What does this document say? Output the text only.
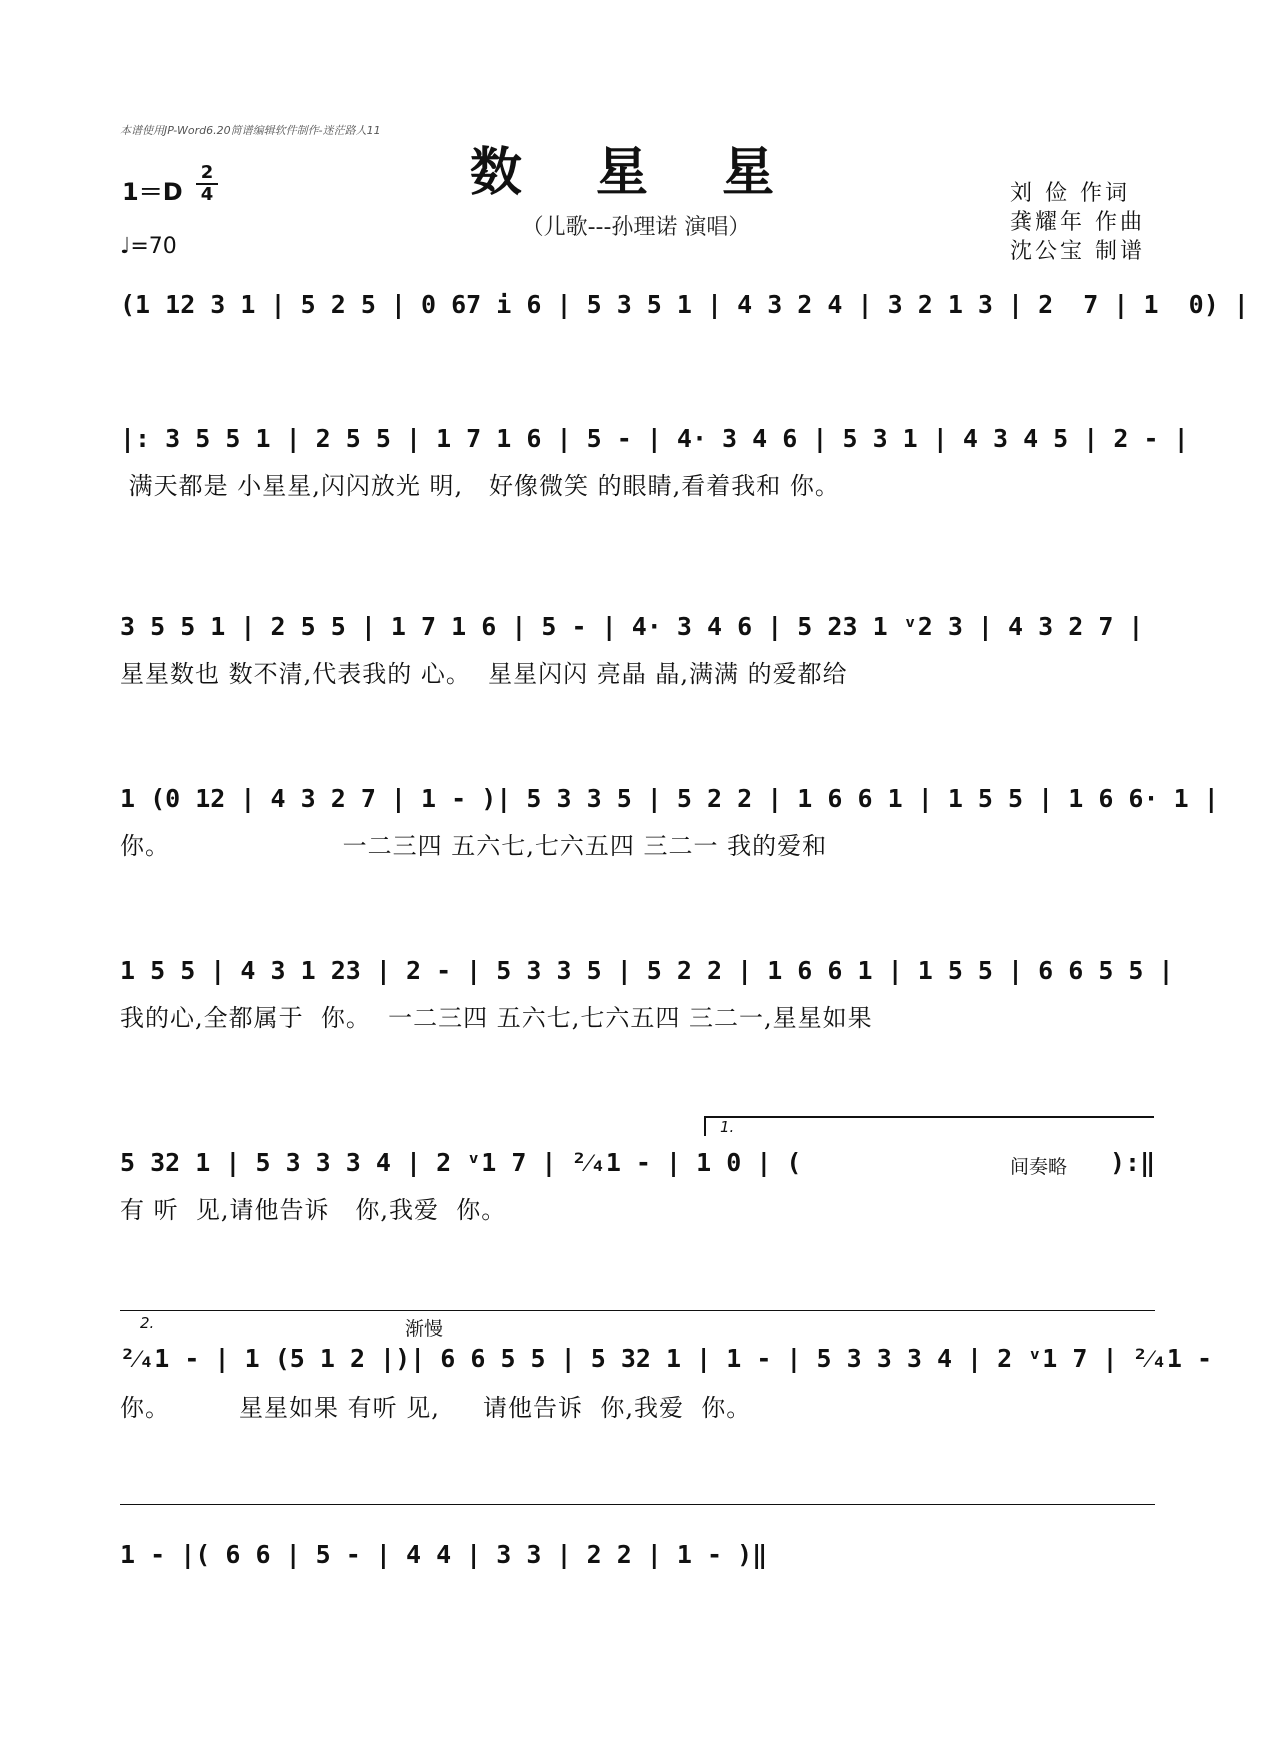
本谱使用JP-Word6.20简谱编辑软件制作-迷茫路人11
数 星 星
（儿歌---孙理诺 演唱）
1＝D
2
4
♩=70
刘 俭 作词
龚耀年 作曲
沈公宝 制谱
(1 12 3 1 | 5 2 5 | 0 67 i 6 | 5 3 5 1 | 4 3 2 4 | 3 2 1 3 | 2  7 | 1  0) |
|: 3 5 5 1 | 2 5 5 | 1 7 1 6 | 5 - | 4· 3 4 6 | 5 3 1 | 4 3 4 5 | 2 - |
满天都是 小星星,闪闪放光 明,   好像微笑 的眼睛,看着我和 你。
3 5 5 1 | 2 5 5 | 1 7 1 6 | 5 - | 4· 3 4 6 | 5 23 1 ᵛ2 3 | 4 3 2 7 |
星星数也 数不清,代表我的 心。  星星闪闪 亮晶 晶,满满 的爱都给
1 (0 12 | 4 3 2 7 | 1 - )| 5 3 3 5 | 5 2 2 | 1 6 6 1 | 1 5 5 | 1 6 6· 1 |
你。                    一二三四 五六七,七六五四 三二一 我的爱和
1 5 5 | 4 3 1 23 | 2 - | 5 3 3 5 | 5 2 2 | 1 6 6 1 | 1 5 5 | 6 6 5 5 |
我的心,全都属于  你。  一二三四 五六七,七六五四 三二一,星星如果
1.
5 32 1 | 5 3 3 3 4 | 2 ᵛ1 7 | ²⁄₄1 - | 1 0 | (	间奏略 ):‖
有 听  见,请他告诉   你,我爱  你。
2.	渐慢
²⁄₄1 - | 1 (5 1 2 |)| 6 6 5 5 | 5 32 1 | 1 - | 5 3 3 3 4 | 2 ᵛ1 7 | ²⁄₄1 -
你。        星星如果 有听 见,     请他告诉  你,我爱  你。
1 - |( 6 6 | 5 - | 4 4 | 3 3 | 2 2 | 1 - )‖
